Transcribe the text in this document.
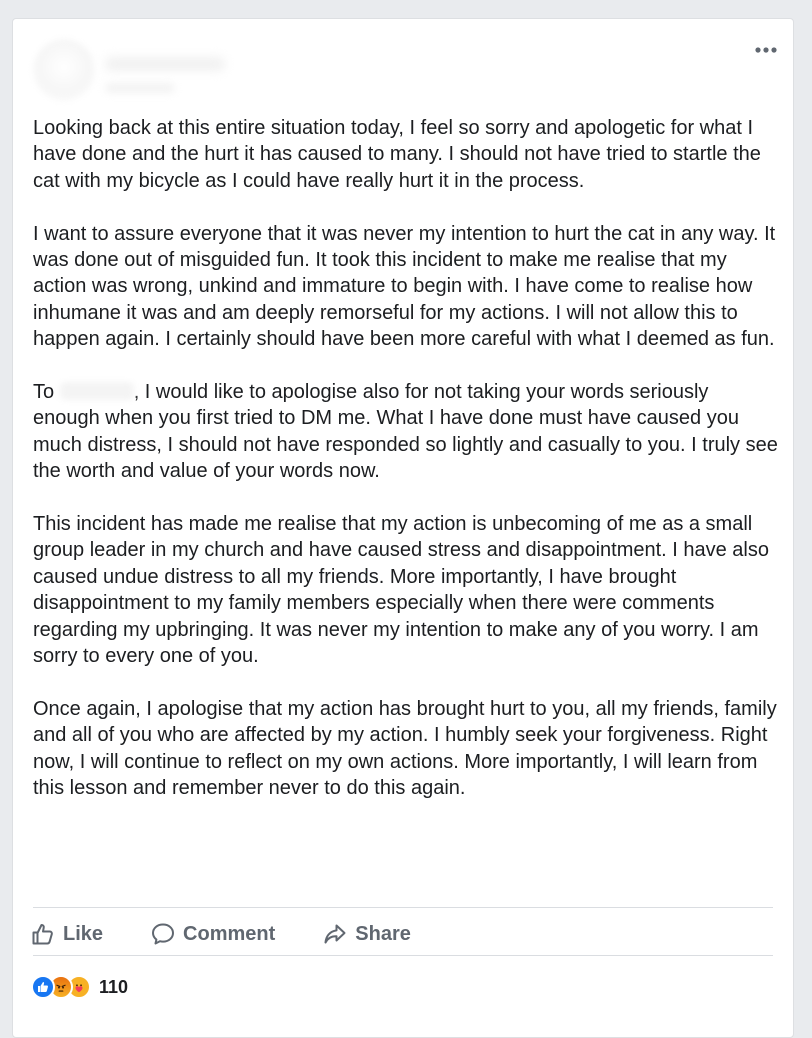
Looking back at this entire situation today, I feel so sorry and apologetic for what I have done and the hurt it has caused to many. I should not have tried to startle the cat with my bicycle as I could have really hurt it in the process.

I want to assure everyone that it was never my intention to hurt the cat in any way. It was done out of misguided fun. It took this incident to make me realise that my action was wrong, unkind and immature to begin with. I have come to realise how inhumane it was and am deeply remorseful for my actions. I will not allow this to happen again. I certainly should have been more careful with what I deemed as fun.

To	, I would like to apologise also for not taking your words seriously enough when you first tried to DM me. What I have done must have caused you much distress, I should not have responded so lightly and casually to you. I truly see the worth and value of your words now.

This incident has made me realise that my action is unbecoming of me as a small group leader in my church and have caused stress and disappointment. I have also caused undue distress to all my friends. More importantly, I have brought disappointment to my family members especially when there were comments regarding my upbringing. It was never my intention to make any of you worry. I am sorry to every one of you.

Once again, I apologise that my action has brought hurt to you, all my friends, family and all of you who are affected by my action. I humbly seek your forgiveness. Right now, I will continue to reflect on my own actions. More importantly, I will learn from this lesson and remember never to do this again.

Like	Comment	Share
110
